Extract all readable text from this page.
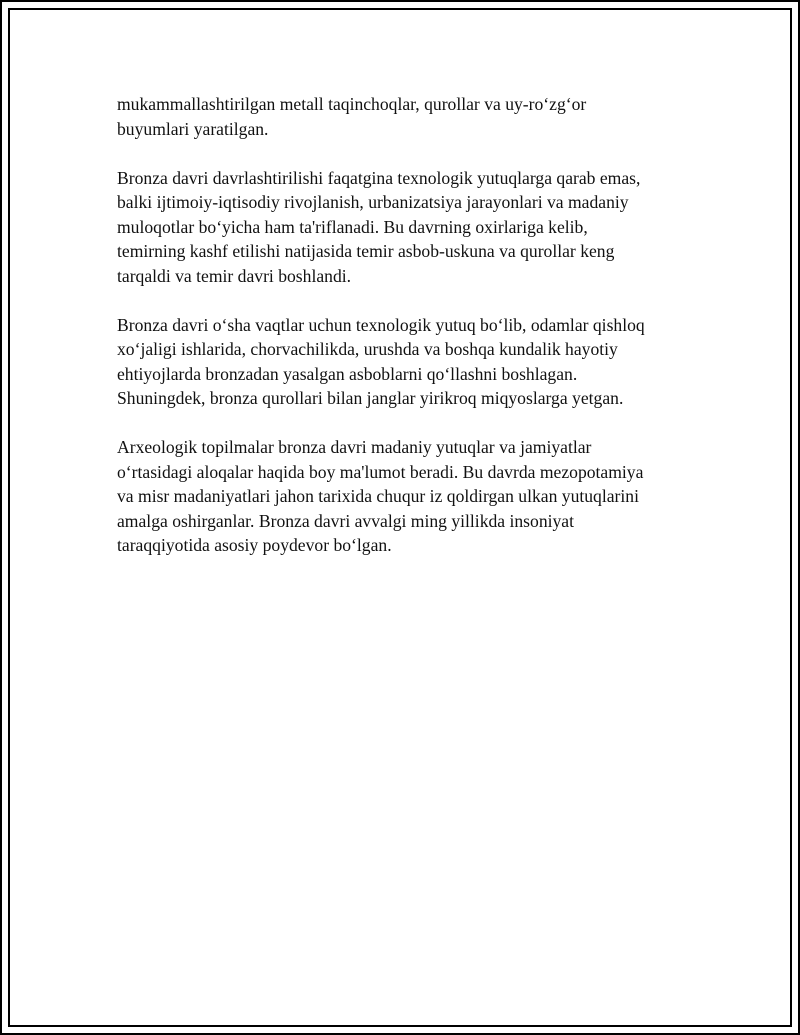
mukammallashtirilgan metall taqinchoqlar, qurollar va uy-ro‘zg‘or
buyumlari yaratilgan.

Bronza davri davrlashtirilishi faqatgina texnologik yutuqlarga qarab emas,
balki ijtimoiy-iqtisodiy rivojlanish, urbanizatsiya jarayonlari va madaniy
muloqotlar bo‘yicha ham ta'riflanadi. Bu davrning oxirlariga kelib,
temirning kashf etilishi natijasida temir asbob-uskuna va qurollar keng
tarqaldi va temir davri boshlandi.

Bronza davri o‘sha vaqtlar uchun texnologik yutuq bo‘lib, odamlar qishloq
xo‘jaligi ishlarida, chorvachilikda, urushda va boshqa kundalik hayotiy
ehtiyojlarda bronzadan yasalgan asboblarni qo‘llashni boshlagan.
Shuningdek, bronza qurollari bilan janglar yirikroq miqyoslarga yetgan.

Arxeologik topilmalar bronza davri madaniy yutuqlar va jamiyatlar
o‘rtasidagi aloqalar haqida boy ma'lumot beradi. Bu davrda mezopotamiya
va misr madaniyatlari jahon tarixida chuqur iz qoldirgan ulkan yutuqlarini
amalga oshirganlar. Bronza davri avvalgi ming yillikda insoniyat
taraqqiyotida asosiy poydevor bo‘lgan.
